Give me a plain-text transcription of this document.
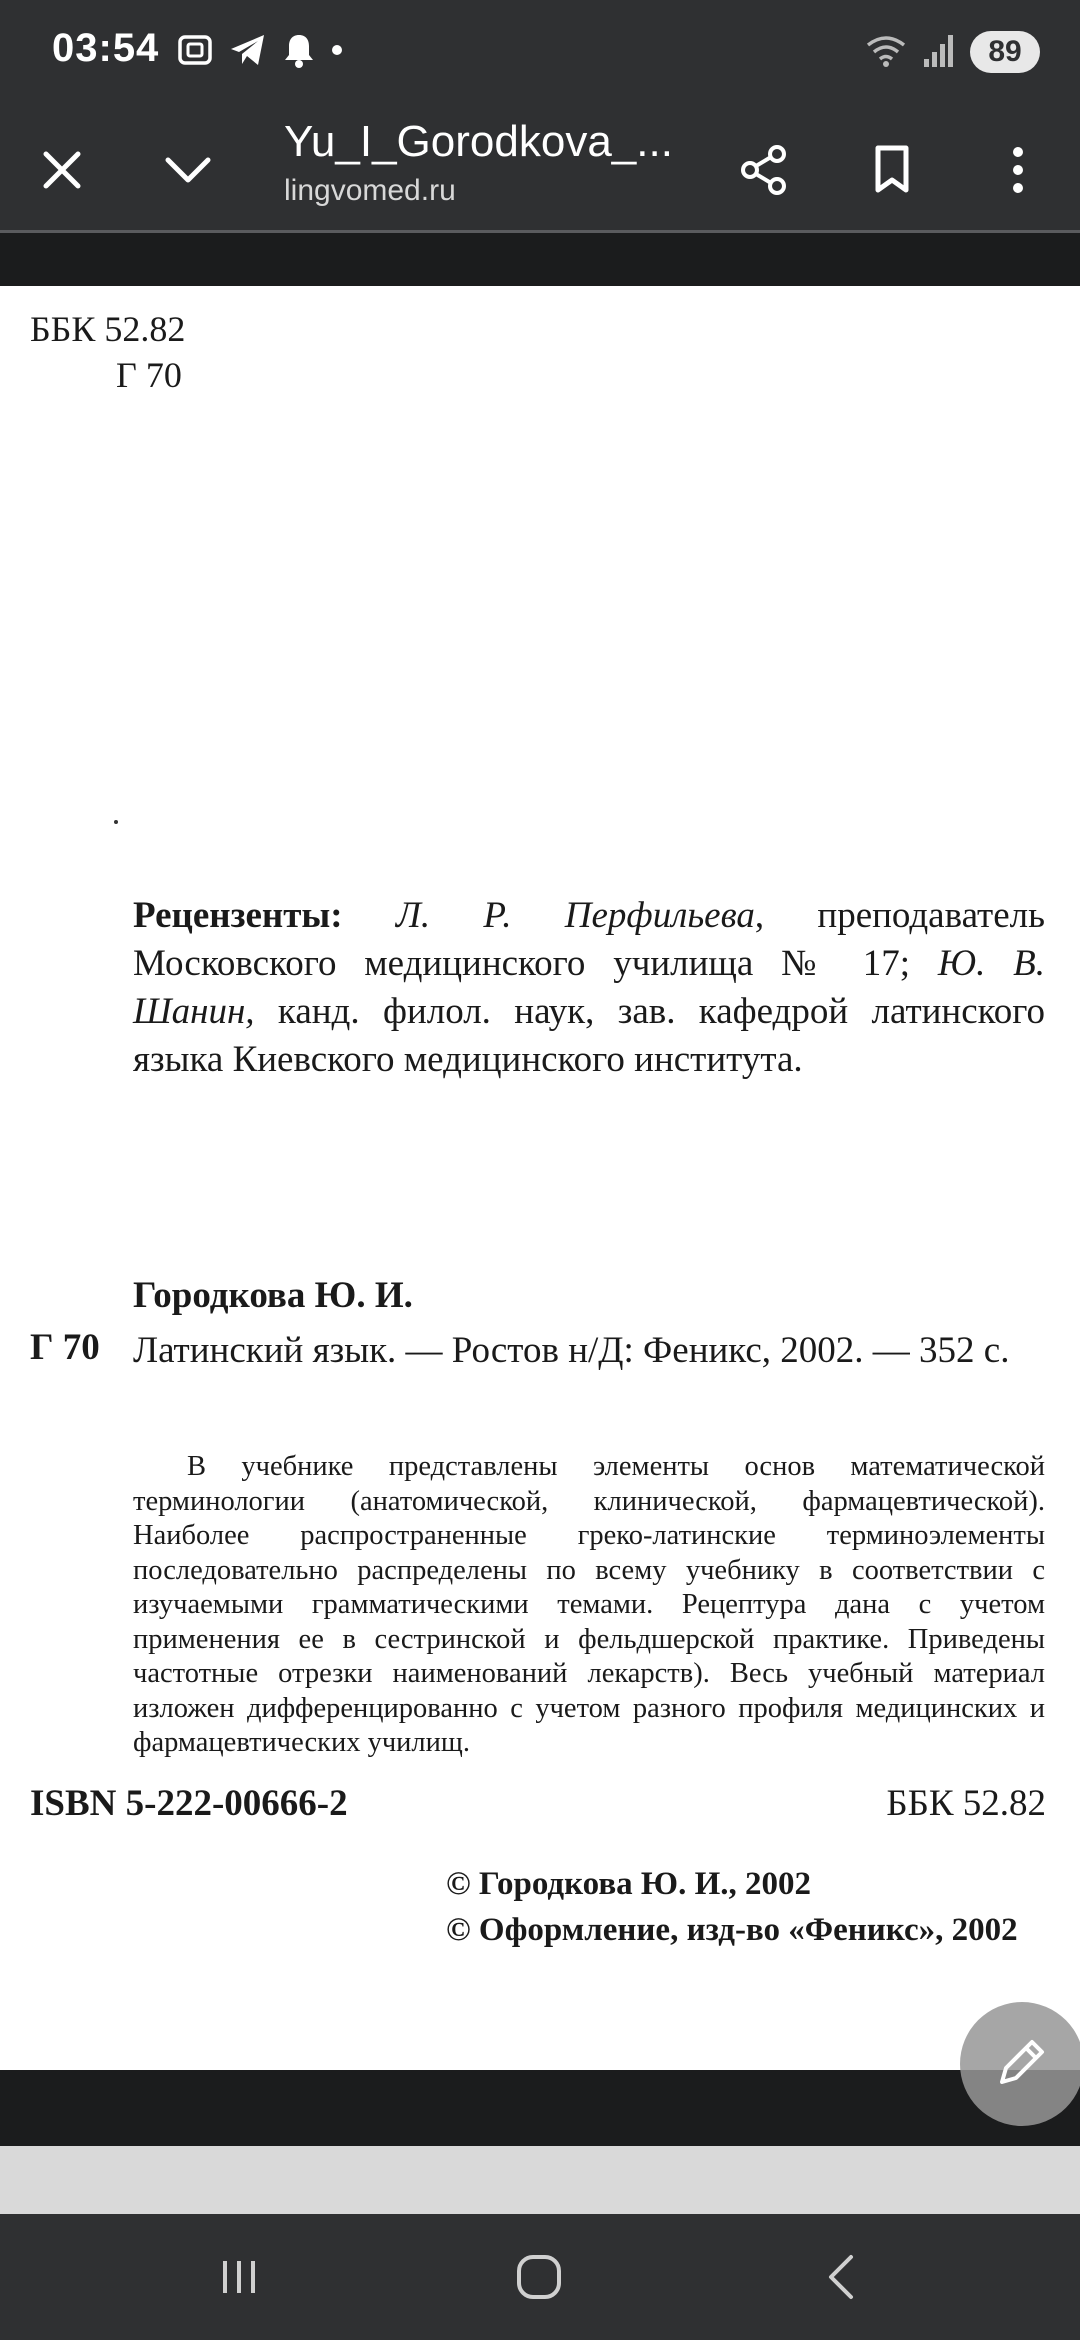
03:54	89
Yu_I_Gorodkova_...
lingvomed.ru
ББК 52.82
Г 70
Рецензенты: Л. Р. Перфильева, преподаватель Московского медицинского училища № 17; Ю. В. Шанин, канд. филол. наук, зав. кафедрой латинского языка Киевского медицинского института.
Городкова Ю. И.
Г 70 Латинский язык. — Ростов н/Д: Феникс, 2002. — 352 с.
В учебнике представлены элементы основ математической терминологии (анатомической, клинической, фармацевтической). Наиболее распространенные греко-латинские терминоэлементы последовательно распределены по всему учебнику в соответствии с изучаемыми грамматическими темами. Рецептура дана с учетом применения ее в сестринской и фельдшерской практике. Приведены частотные отрезки наименований лекарств). Весь учебный материал изложен дифференцированно с учетом разного профиля медицинских и фармацевтических училищ.
ISBN 5-222-00666-2	ББК 52.82
© Городкова Ю. И., 2002
© Оформление, изд-во «Феникс», 2002
